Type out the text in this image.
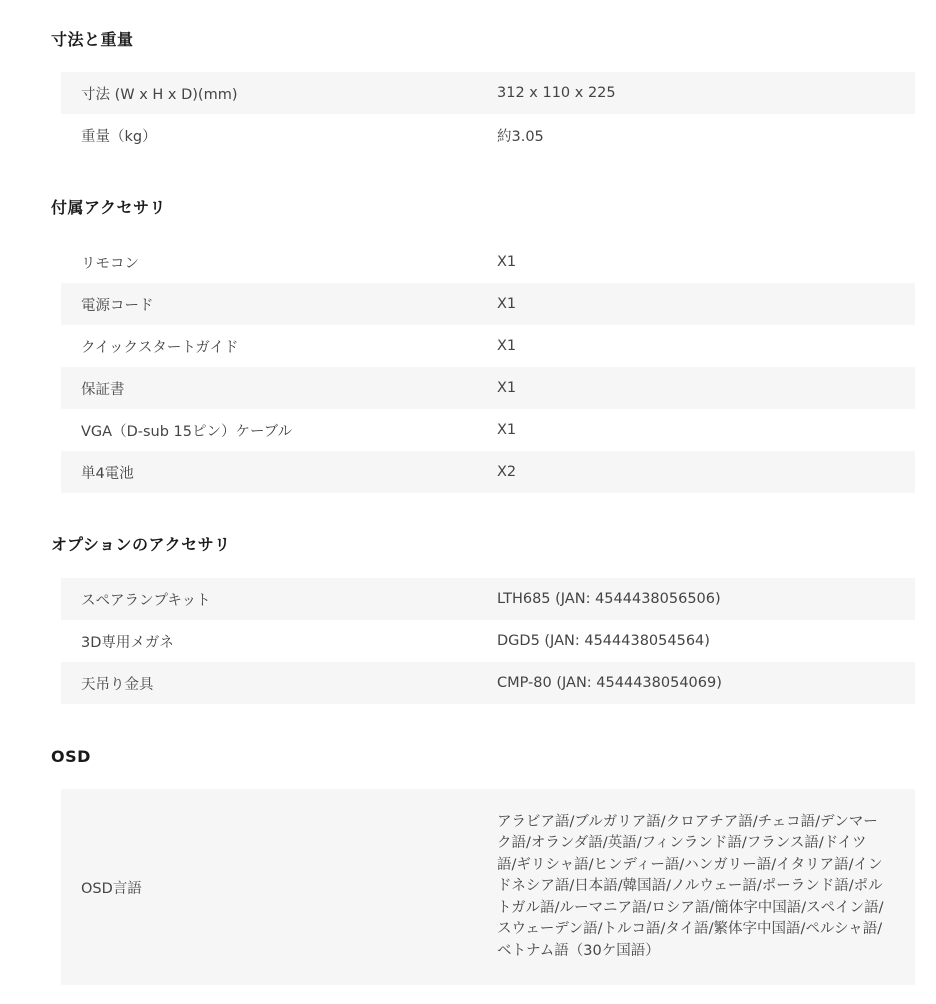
寸法と重量
寸法 (W x H x D)(mm)	312 x 110 x 225
重量（kg）	約3.05
付属アクセサリ
リモコン	X1
電源コード	X1
クイックスタートガイド	X1
保証書	X1
VGA（D-sub 15ピン）ケーブル	X1
単4電池	X2
オプションのアクセサリ
スペアランプキット	LTH685 (JAN: 4544438056506)
3D専用メガネ	DGD5 (JAN: 4544438054564)
天吊り金具	CMP-80 (JAN: 4544438054069)
OSD
OSD言語	アラビア語/ブルガリア語/クロアチア語/チェコ語/デンマーク語/オランダ語/英語/フィンランド語/フランス語/ドイツ語/ギリシャ語/ヒンディー語/ハンガリー語/イタリア語/インドネシア語/日本語/韓国語/ノルウェー語/ポーランド語/ポルトガル語/ルーマニア語/ロシア語/簡体字中国語/スペイン語/スウェーデン語/トルコ語/タイ語/繁体字中国語/ペルシャ語/ベトナム語（30ケ国語）
